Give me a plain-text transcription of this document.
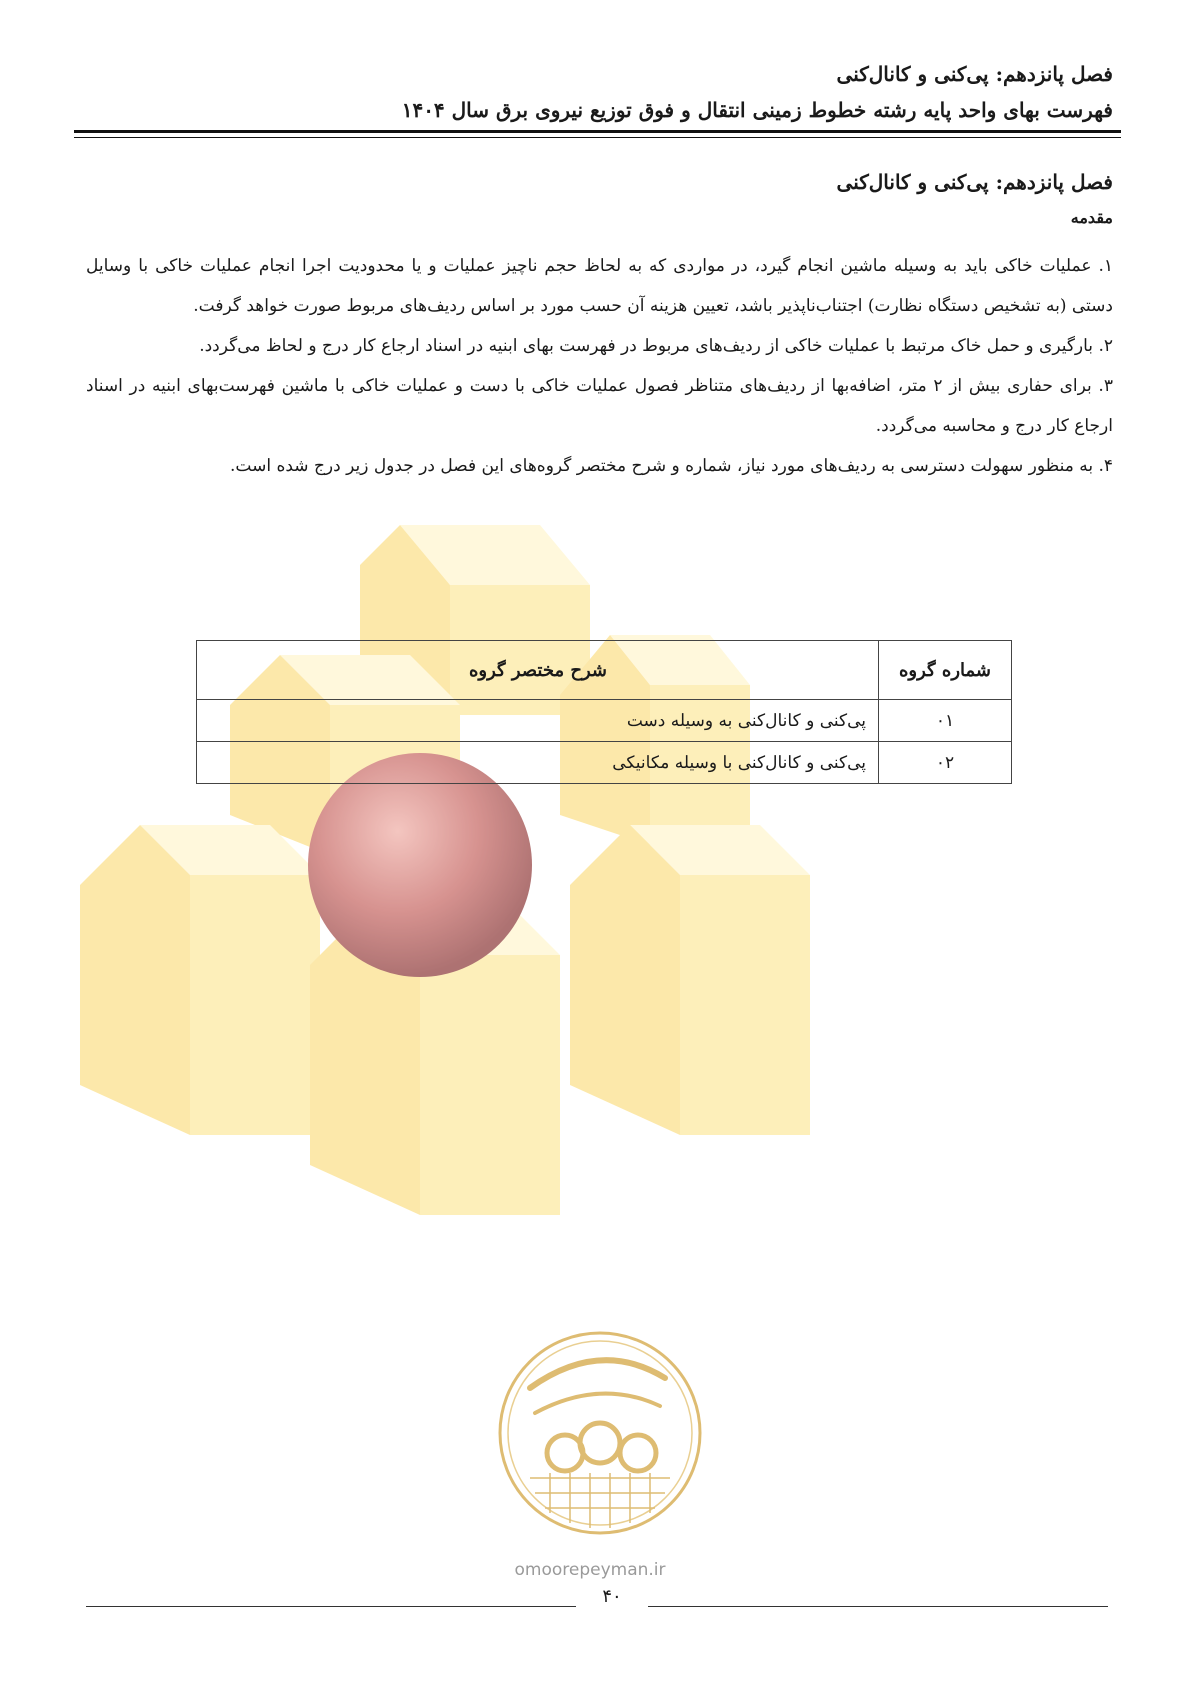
فصل پانزدهم: پی‌کنی و کانال‌کنی
فهرست بهای واحد پایه رشته خطوط زمینی انتقال و فوق توزیع نیروی برق سال ۱۴۰۴
فصل پانزدهم: پی‌کنی و کانال‌کنی
مقدمه

۱. عملیات خاکی باید به وسیله ماشین انجام گیرد، در مواردی که به لحاظ حجم ناچیز عملیات و یا محدودیت اجرا انجام عملیات خاکی با وسایل دستی (به تشخیص دستگاه نظارت) اجتناب‌ناپذیر باشد، تعیین هزینه آن حسب مورد بر اساس ردیف‌های مربوط صورت خواهد گرفت.

۲. بارگیری و حمل خاک مرتبط با عملیات خاکی از ردیف‌های مربوط در فهرست بهای ابنیه در اسناد ارجاع کار درج و لحاظ می‌گردد.

۳. برای حفاری بیش از ۲ متر، اضافه‌بها از ردیف‌های متناظر فصول عملیات خاکی با دست و عملیات خاکی با ماشین فهرست‌بهای ابنیه در اسناد ارجاع کار درج و محاسبه می‌گردد.

۴. به منظور سهولت دسترسی به ردیف‌های مورد نیاز، شماره و شرح مختصر گروه‌های این فصل در جدول زیر درج شده است.

شماره گروه	شرح مختصر گروه
۰۱	پی‌کنی و کانال‌کنی به وسیله دست
۰۲	پی‌کنی و کانال‌کنی با وسیله مکانیکی
omoorepeyman.ir
۴۰
